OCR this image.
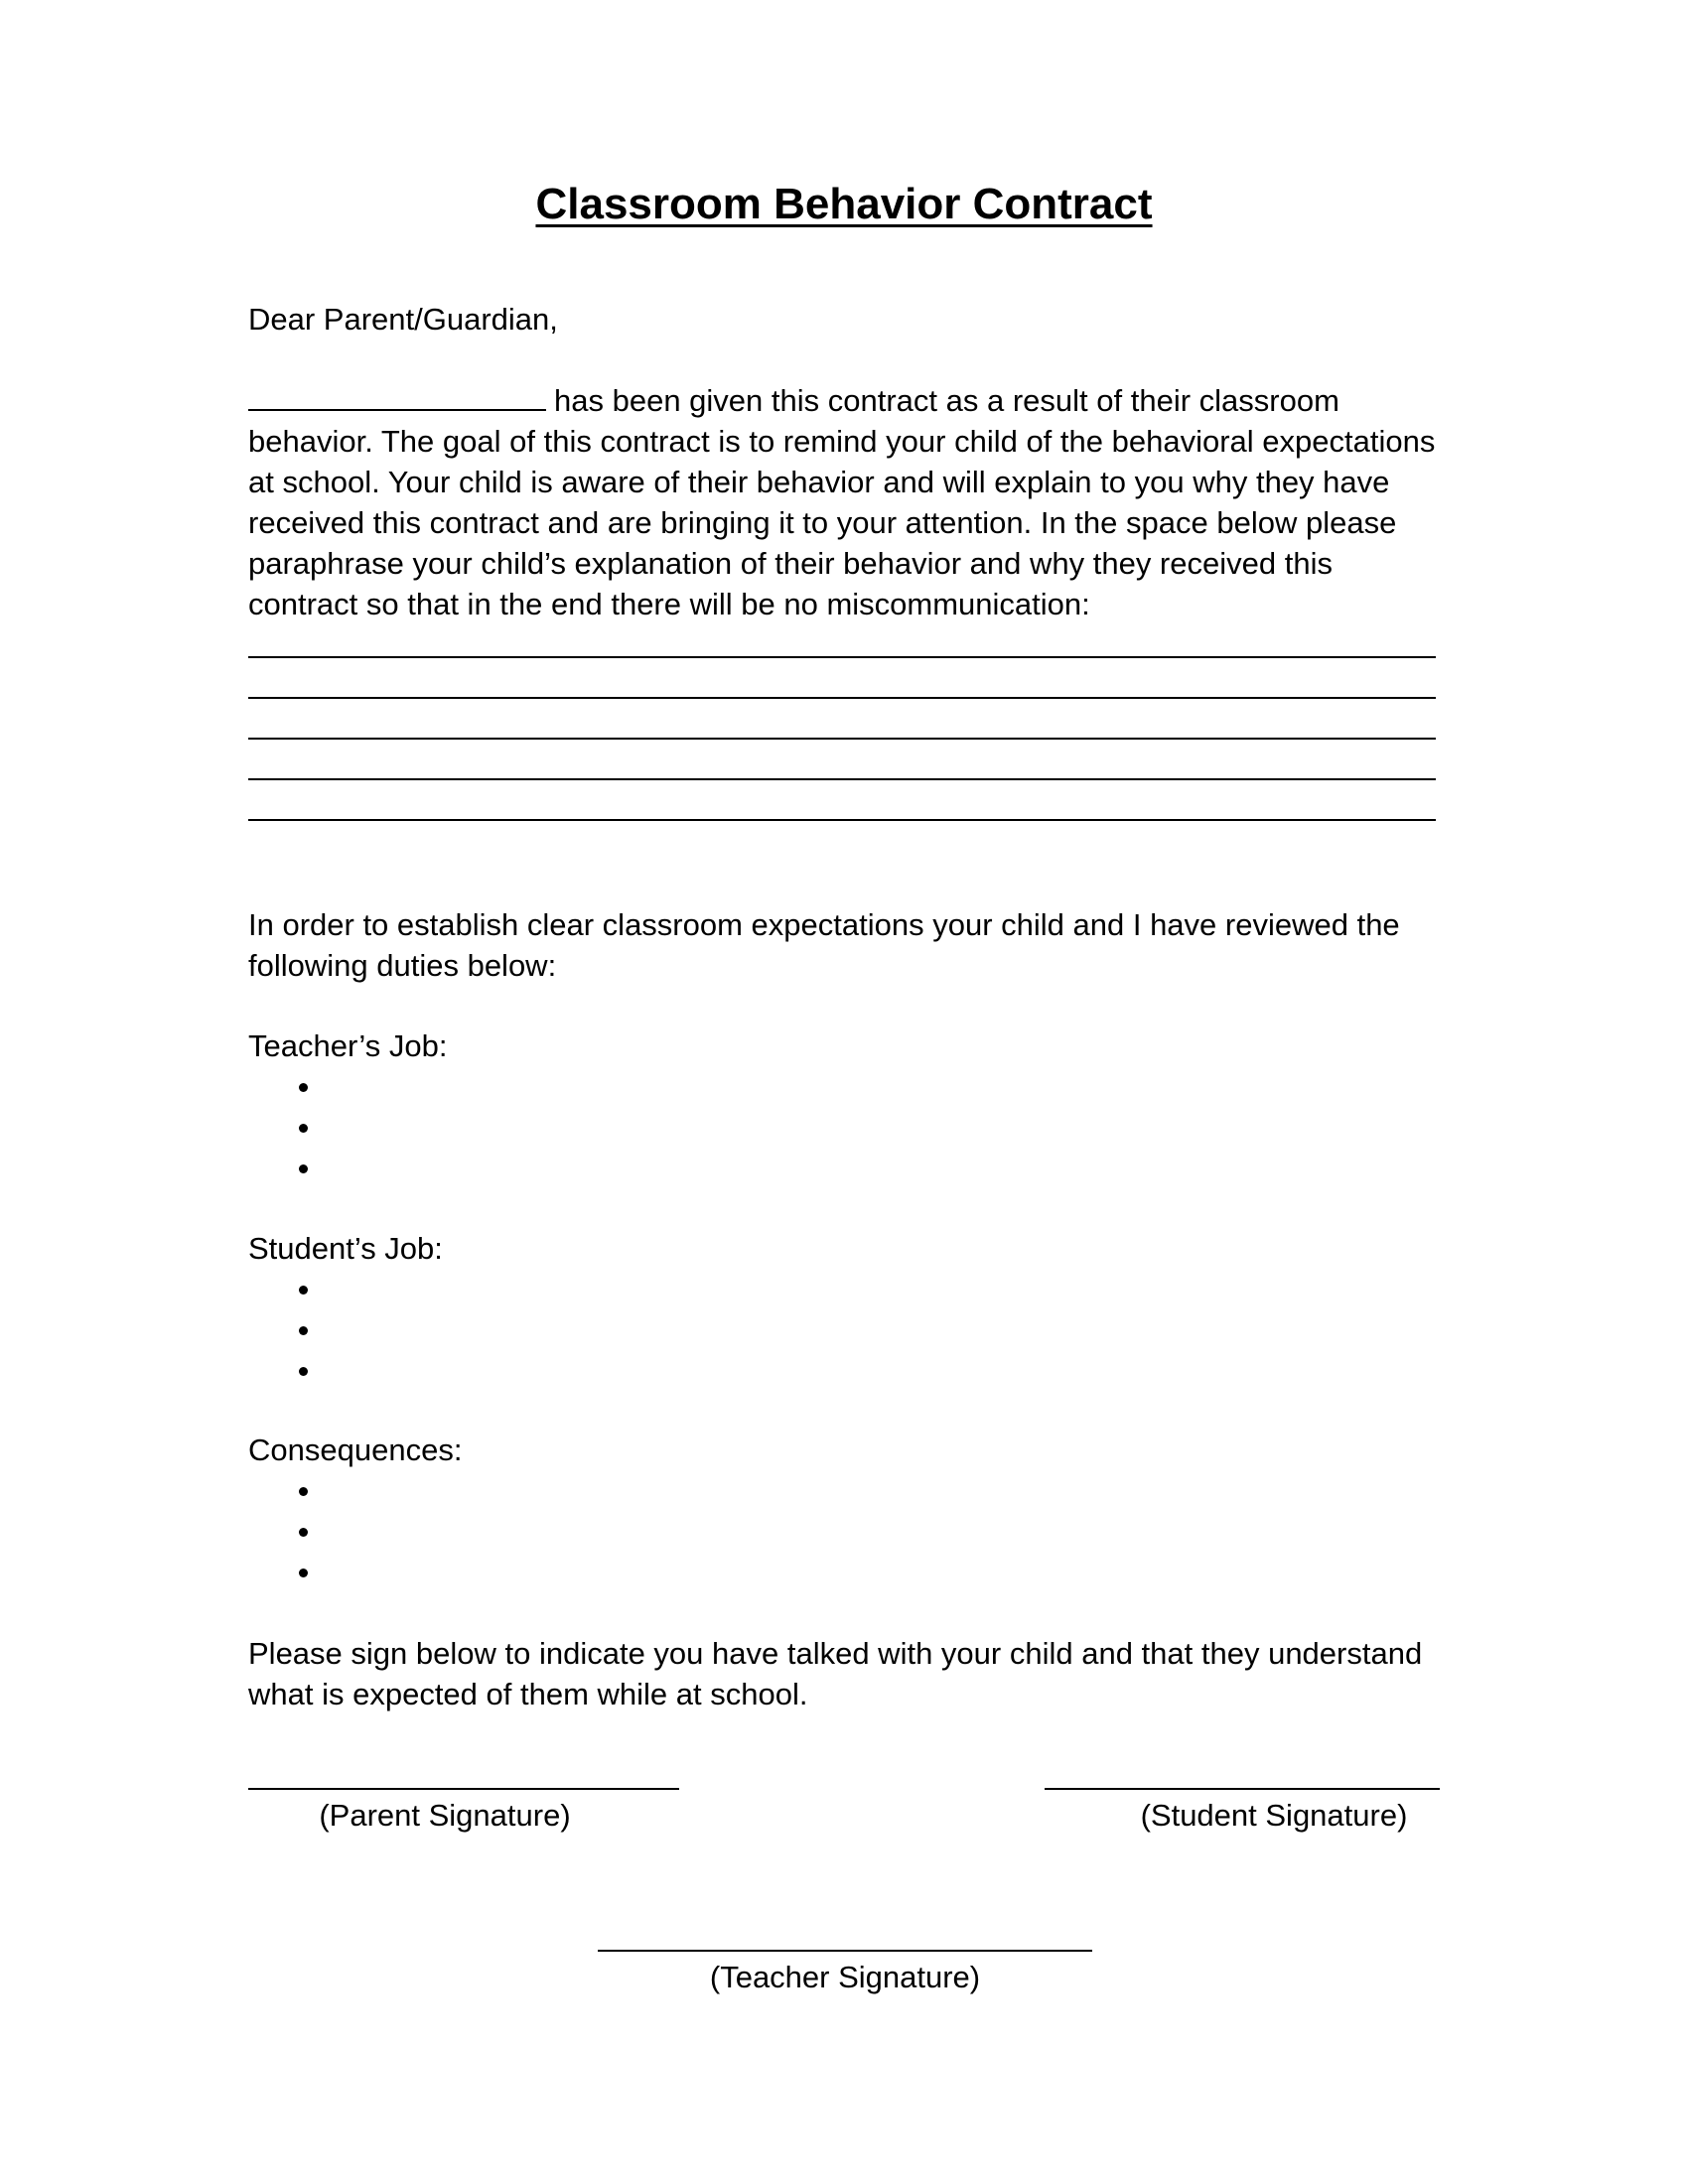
Classroom Behavior Contract
Dear Parent/Guardian,
has been given this contract as a result of their classroom behavior. The goal of this contract is to remind your child of the behavioral expectations at school. Your child is aware of their behavior and will explain to you why they have received this contract and are bringing it to your attention. In the space below please paraphrase your child’s explanation of their behavior and why they received this contract so that in the end there will be no miscommunication:
In order to establish clear classroom expectations your child and I have reviewed the following duties below:

Teacher’s Job:

Student’s Job:

Consequences:

Please sign below to indicate you have talked with your child and that they understand what is expected of them while at school.
(Parent Signature)	(Student Signature)
(Teacher Signature)
